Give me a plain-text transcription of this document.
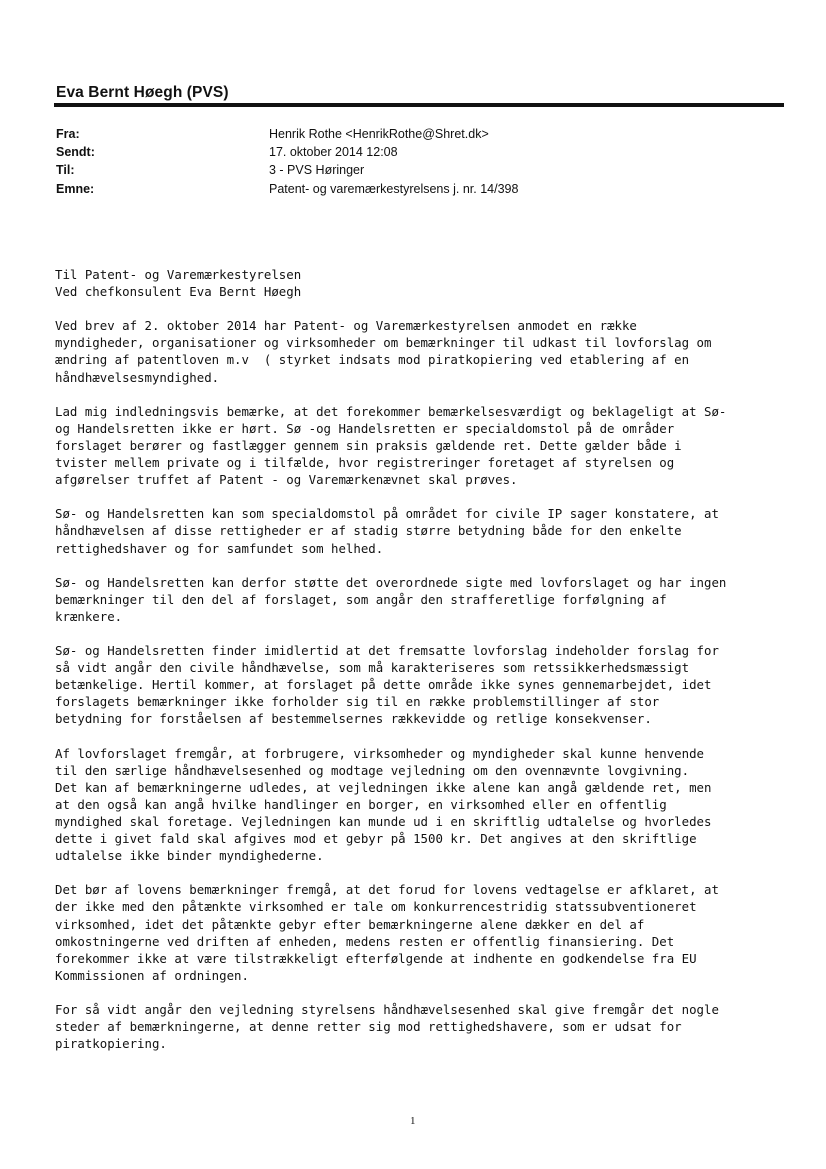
Eva Bernt Høegh (PVS)
Fra:	Henrik Rothe <HenrikRothe@Shret.dk>
Sendt:	17. oktober 2014 12:08
Til:	3 - PVS Høringer
Emne:	Patent- og varemærkestyrelsens j. nr. 14/398

Til Patent- og Varemærkestyrelsen
Ved chefkonsulent Eva Bernt Høegh

Ved brev af 2. oktober 2014 har Patent- og Varemærkestyrelsen anmodet en række
myndigheder, organisationer og virksomheder om bemærkninger til udkast til lovforslag om
ændring af patentloven m.v  ( styrket indsats mod piratkopiering ved etablering af en
håndhævelsesmyndighed.

Lad mig indledningsvis bemærke, at det forekommer bemærkelsesværdigt og beklageligt at Sø-
og Handelsretten ikke er hørt. Sø -og Handelsretten er specialdomstol på de områder
forslaget berører og fastlægger gennem sin praksis gældende ret. Dette gælder både i
tvister mellem private og i tilfælde, hvor registreringer foretaget af styrelsen og
afgørelser truffet af Patent - og Varemærkenævnet skal prøves.

Sø- og Handelsretten kan som specialdomstol på området for civile IP sager konstatere, at
håndhævelsen af disse rettigheder er af stadig større betydning både for den enkelte
rettighedshaver og for samfundet som helhed.

Sø- og Handelsretten kan derfor støtte det overordnede sigte med lovforslaget og har ingen
bemærkninger til den del af forslaget, som angår den strafferetlige forfølgning af
krænkere.

Sø- og Handelsretten finder imidlertid at det fremsatte lovforslag indeholder forslag for
så vidt angår den civile håndhævelse, som må karakteriseres som retssikkerhedsmæssigt
betænkelige. Hertil kommer, at forslaget på dette område ikke synes gennemarbejdet, idet
forslagets bemærkninger ikke forholder sig til en række problemstillinger af stor
betydning for forståelsen af bestemmelsernes rækkevidde og retlige konsekvenser.

Af lovforslaget fremgår, at forbrugere, virksomheder og myndigheder skal kunne henvende
til den særlige håndhævelsesenhed og modtage vejledning om den ovennævnte lovgivning.
Det kan af bemærkningerne udledes, at vejledningen ikke alene kan angå gældende ret, men
at den også kan angå hvilke handlinger en borger, en virksomhed eller en offentlig
myndighed skal foretage. Vejledningen kan munde ud i en skriftlig udtalelse og hvorledes
dette i givet fald skal afgives mod et gebyr på 1500 kr. Det angives at den skriftlige
udtalelse ikke binder myndighederne.

Det bør af lovens bemærkninger fremgå, at det forud for lovens vedtagelse er afklaret, at
der ikke med den påtænkte virksomhed er tale om konkurrencestridig statssubventioneret
virksomhed, idet det påtænkte gebyr efter bemærkningerne alene dækker en del af
omkostningerne ved driften af enheden, medens resten er offentlig finansiering. Det
forekommer ikke at være tilstrækkeligt efterfølgende at indhente en godkendelse fra EU
Kommissionen af ordningen.

For så vidt angår den vejledning styrelsens håndhævelsesenhed skal give fremgår det nogle
steder af bemærkningerne, at denne retter sig mod rettighedshavere, som er udsat for
piratkopiering.

1
